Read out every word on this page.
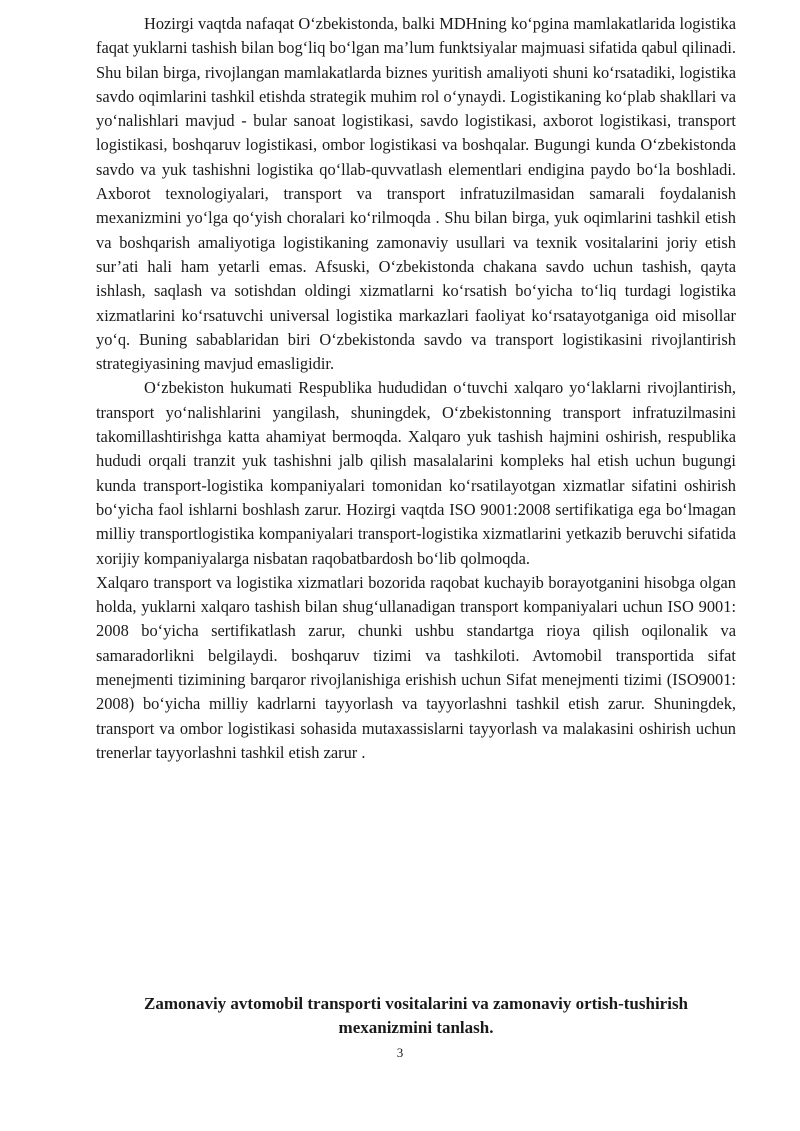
Hozirgi vaqtda nafaqat O‘zbekistonda, balki MDHning ko‘pgina mamlakatlarida logistika faqat yuklarni tashish bilan bog‘liq bo‘lgan ma’lum funktsiyalar majmuasi sifatida qabul qilinadi. Shu bilan birga, rivojlangan mamlakatlarda biznes yuritish amaliyoti shuni ko‘rsatadiki, logistika savdo oqimlarini tashkil etishda strategik muhim rol o‘ynaydi. Logistikaning ko‘plab shakllari va yo‘nalishlari mavjud - bular sanoat logistikasi, savdo logistikasi, axborot logistikasi, transport logistikasi, boshqaruv logistikasi, ombor logistikasi va boshqalar. Bugungi kunda O‘zbekistonda savdo va yuk tashishni logistika qo‘llab-quvvatlash elementlari endigina paydo bo‘la boshladi. Axborot texnologiyalari, transport va transport infratuzilmasidan samarali foydalanish mexanizmini yo‘lga qo‘yish choralari ko‘rilmoqda . Shu bilan birga, yuk oqimlarini tashkil etish va boshqarish amaliyotiga logistikaning zamonaviy usullari va texnik vositalarini joriy etish sur’ati hali ham yetarli emas. Afsuski, O‘zbekistonda chakana savdo uchun tashish, qayta ishlash, saqlash va sotishdan oldingi xizmatlarni ko‘rsatish bo‘yicha to‘liq turdagi logistika xizmatlarini ko‘rsatuvchi universal logistika markazlari faoliyat ko‘rsatayotganiga oid misollar yo‘q. Buning sabablaridan biri O‘zbekistonda savdo va transport logistikasini rivojlantirish strategiyasining mavjud emasligidir.

O‘zbekiston hukumati Respublika hududidan o‘tuvchi xalqaro yo‘laklarni rivojlantirish, transport yo‘nalishlarini yangilash, shuningdek, O‘zbekistonning transport infratuzilmasini takomillashtirishga katta ahamiyat bermoqda. Xalqaro yuk tashish hajmini oshirish, respublika hududi orqali tranzit yuk tashishni jalb qilish masalalarini kompleks hal etish uchun bugungi kunda transport-logistika kompaniyalari tomonidan ko‘rsatilayotgan xizmatlar sifatini oshirish bo‘yicha faol ishlarni boshlash zarur. Hozirgi vaqtda ISO 9001:2008 sertifikatiga ega bo‘lmagan milliy transportlogistika kompaniyalari transport-logistika xizmatlarini yetkazib beruvchi sifatida xorijiy kompaniyalarga nisbatan raqobatbardosh bo‘lib qolmoqda.

Xalqaro transport va logistika xizmatlari bozorida raqobat kuchayib borayotganini hisobga olgan holda, yuklarni xalqaro tashish bilan shug‘ullanadigan transport kompaniyalari uchun ISO 9001: 2008 bo‘yicha sertifikatlash zarur, chunki ushbu standartga rioya qilish oqilonalik va samaradorlikni belgilaydi. boshqaruv tizimi va tashkiloti. Avtomobil transportida sifat menejmenti tizimining barqaror rivojlanishiga erishish uchun Sifat menejmenti tizimi (ISO9001: 2008) bo‘yicha milliy kadrlarni tayyorlash va tayyorlashni tashkil etish zarur. Shuningdek, transport va ombor logistikasi sohasida mutaxassislarni tayyorlash va malakasini oshirish uchun trenerlar tayyorlashni tashkil etish zarur .

Zamonaviy avtomobil transporti vositalarini va zamonaviy ortish-tushirish mexanizmini tanlash.
3
